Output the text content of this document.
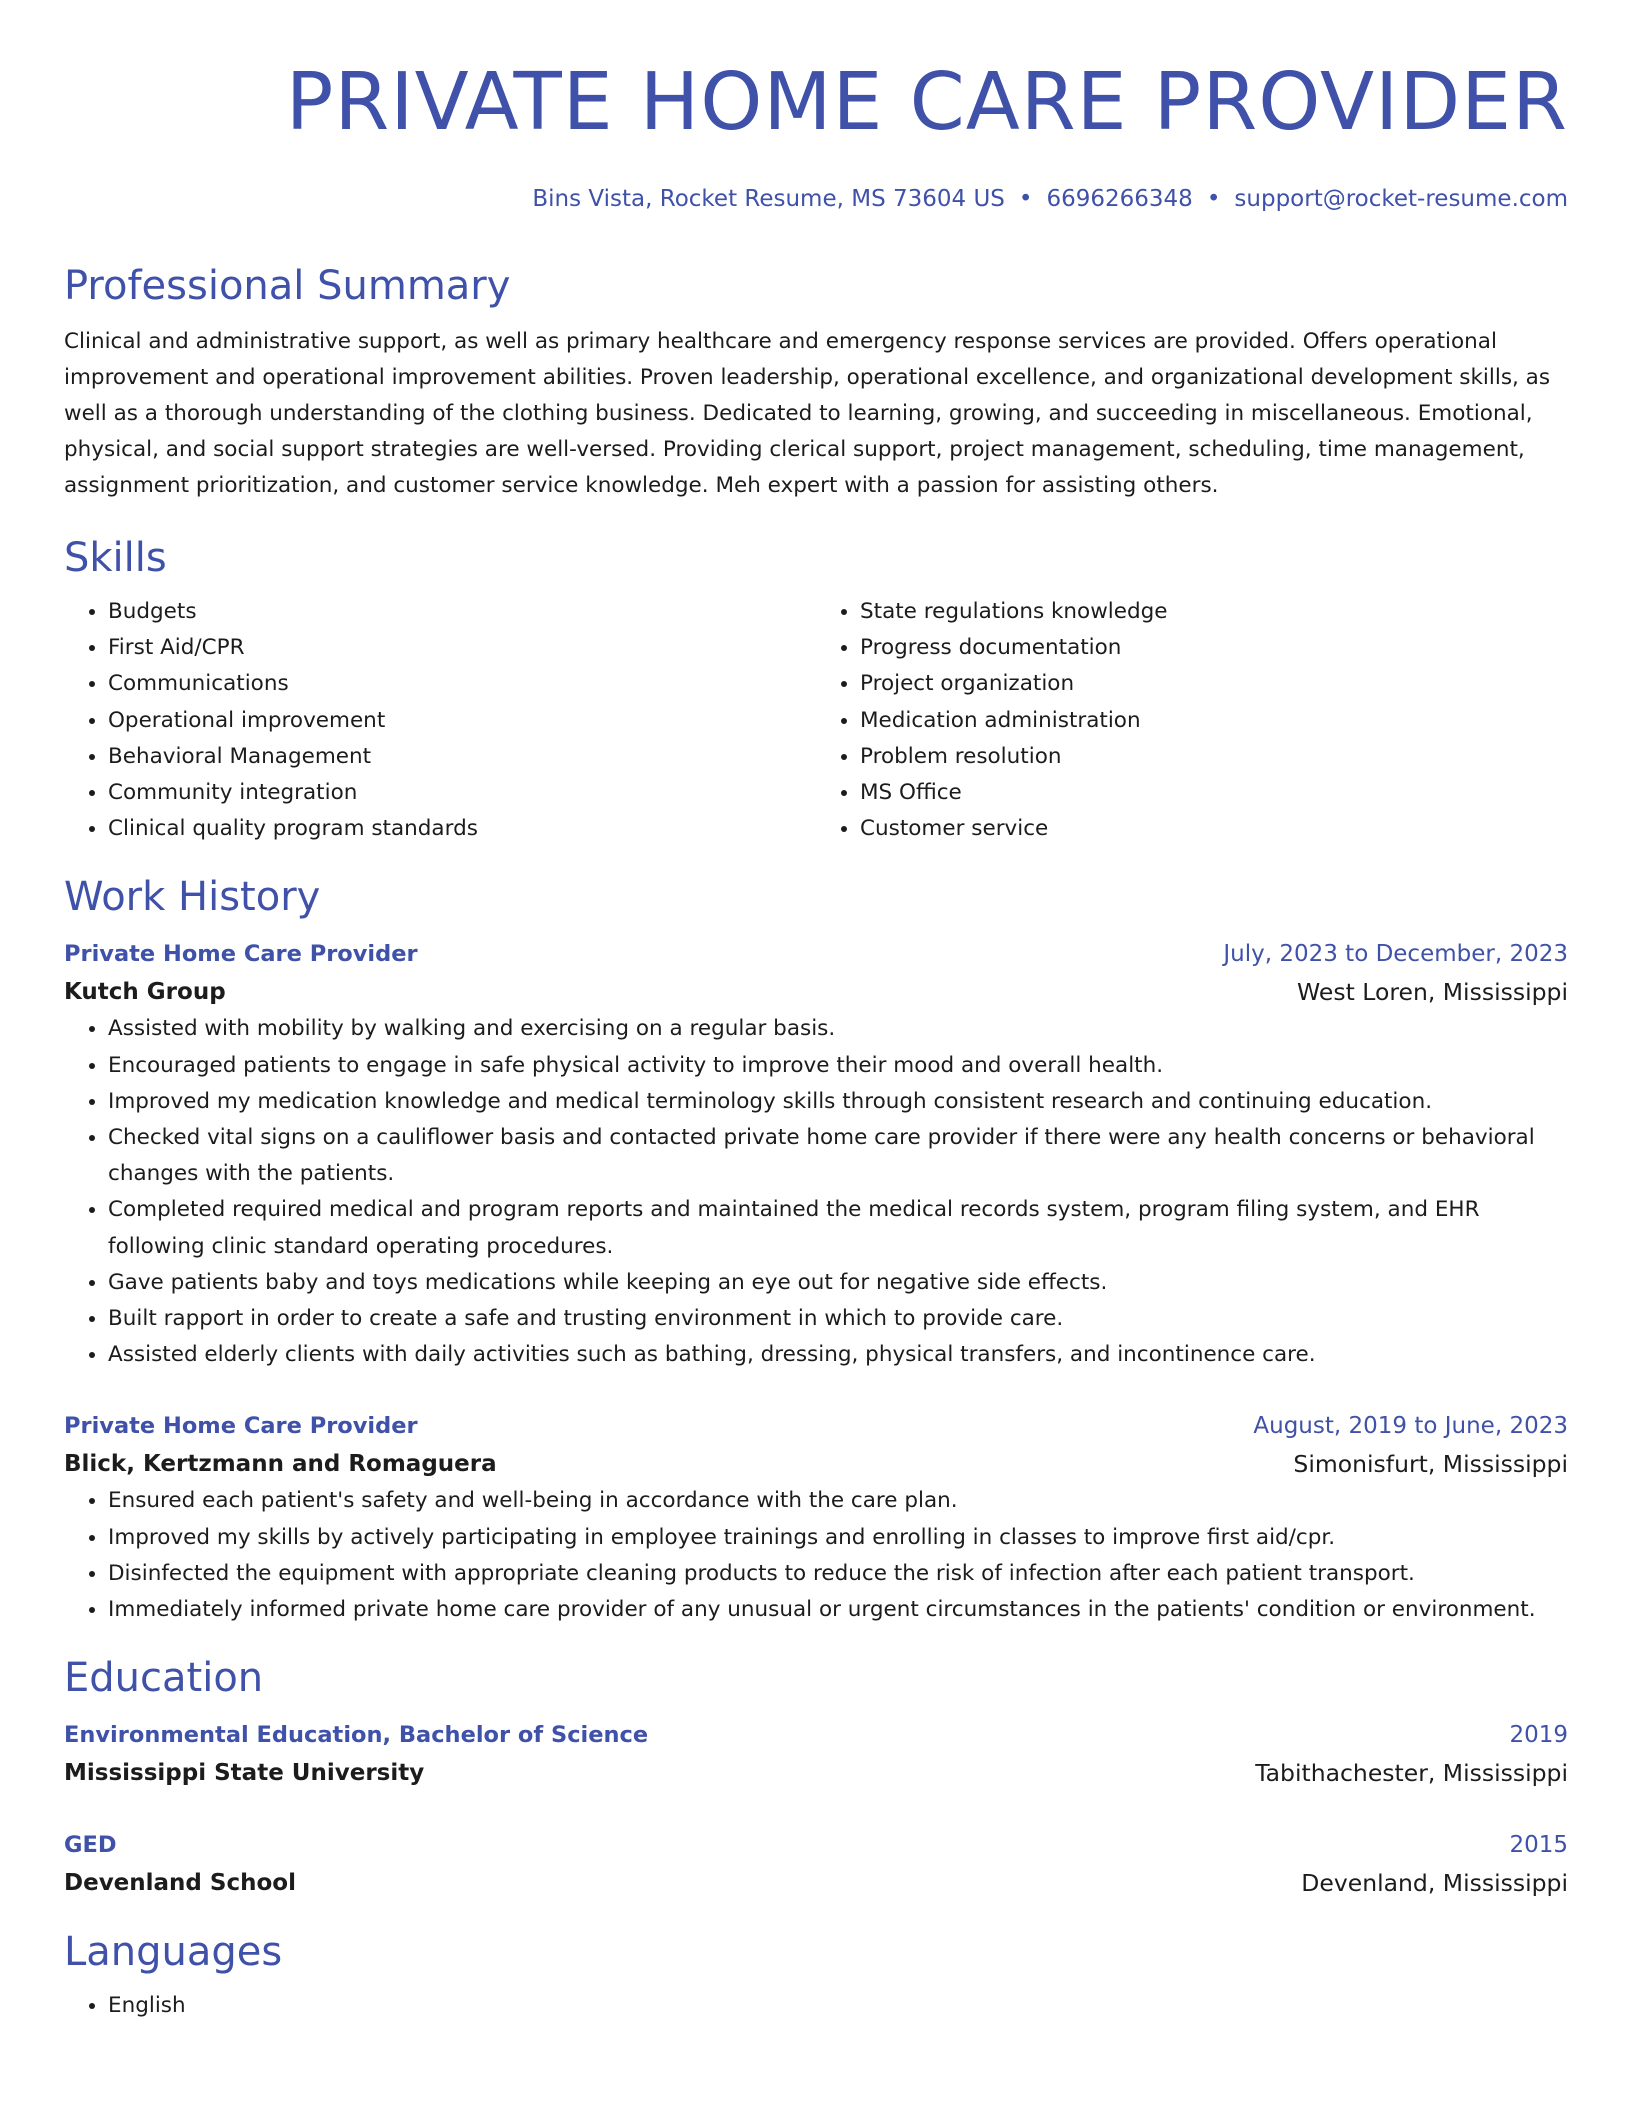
PRIVATE HOME CARE PROVIDER
Bins Vista, Rocket Resume, MS 73604 US • 6696266348 • support@rocket-resume.com
Professional Summary

Clinical and administrative support, as well as primary healthcare and emergency response services are provided. Offers operational improvement and operational improvement abilities. Proven leadership, operational excellence, and organizational development skills, as well as a thorough understanding of the clothing business. Dedicated to learning, growing, and succeeding in miscellaneous. Emotional, physical, and social support strategies are well-versed. Providing clerical support, project management, scheduling, time management, assignment prioritization, and customer service knowledge. Meh expert with a passion for assisting others.

Skills
• Budgets
• First Aid/CPR
• Communications
• Operational improvement
• Behavioral Management
• Community integration
• Clinical quality program standards
• State regulations knowledge
• Progress documentation
• Project organization
• Medication administration
• Problem resolution
• MS Office
• Customer service
Work History
Private Home Care Provider	July, 2023 to December, 2023
Kutch Group	West Loren, Mississippi
• Assisted with mobility by walking and exercising on a regular basis.
• Encouraged patients to engage in safe physical activity to improve their mood and overall health.
• Improved my medication knowledge and medical terminology skills through consistent research and continuing education.
• Checked vital signs on a cauliflower basis and contacted private home care provider if there were any health concerns or behavioral changes with the patients.
• Completed required medical and program reports and maintained the medical records system, program filing system, and EHR following clinic standard operating procedures.
• Gave patients baby and toys medications while keeping an eye out for negative side effects.
• Built rapport in order to create a safe and trusting environment in which to provide care.
• Assisted elderly clients with daily activities such as bathing, dressing, physical transfers, and incontinence care.
Private Home Care Provider	August, 2019 to June, 2023
Blick, Kertzmann and Romaguera	Simonisfurt, Mississippi
• Ensured each patient's safety and well-being in accordance with the care plan.
• Improved my skills by actively participating in employee trainings and enrolling in classes to improve first aid/cpr.
• Disinfected the equipment with appropriate cleaning products to reduce the risk of infection after each patient transport.
• Immediately informed private home care provider of any unusual or urgent circumstances in the patients' condition or environment.
Education
Environmental Education, Bachelor of Science	2019
Mississippi State University	Tabithachester, Mississippi
GED	2015
Devenland School	Devenland, Mississippi
Languages
• English
